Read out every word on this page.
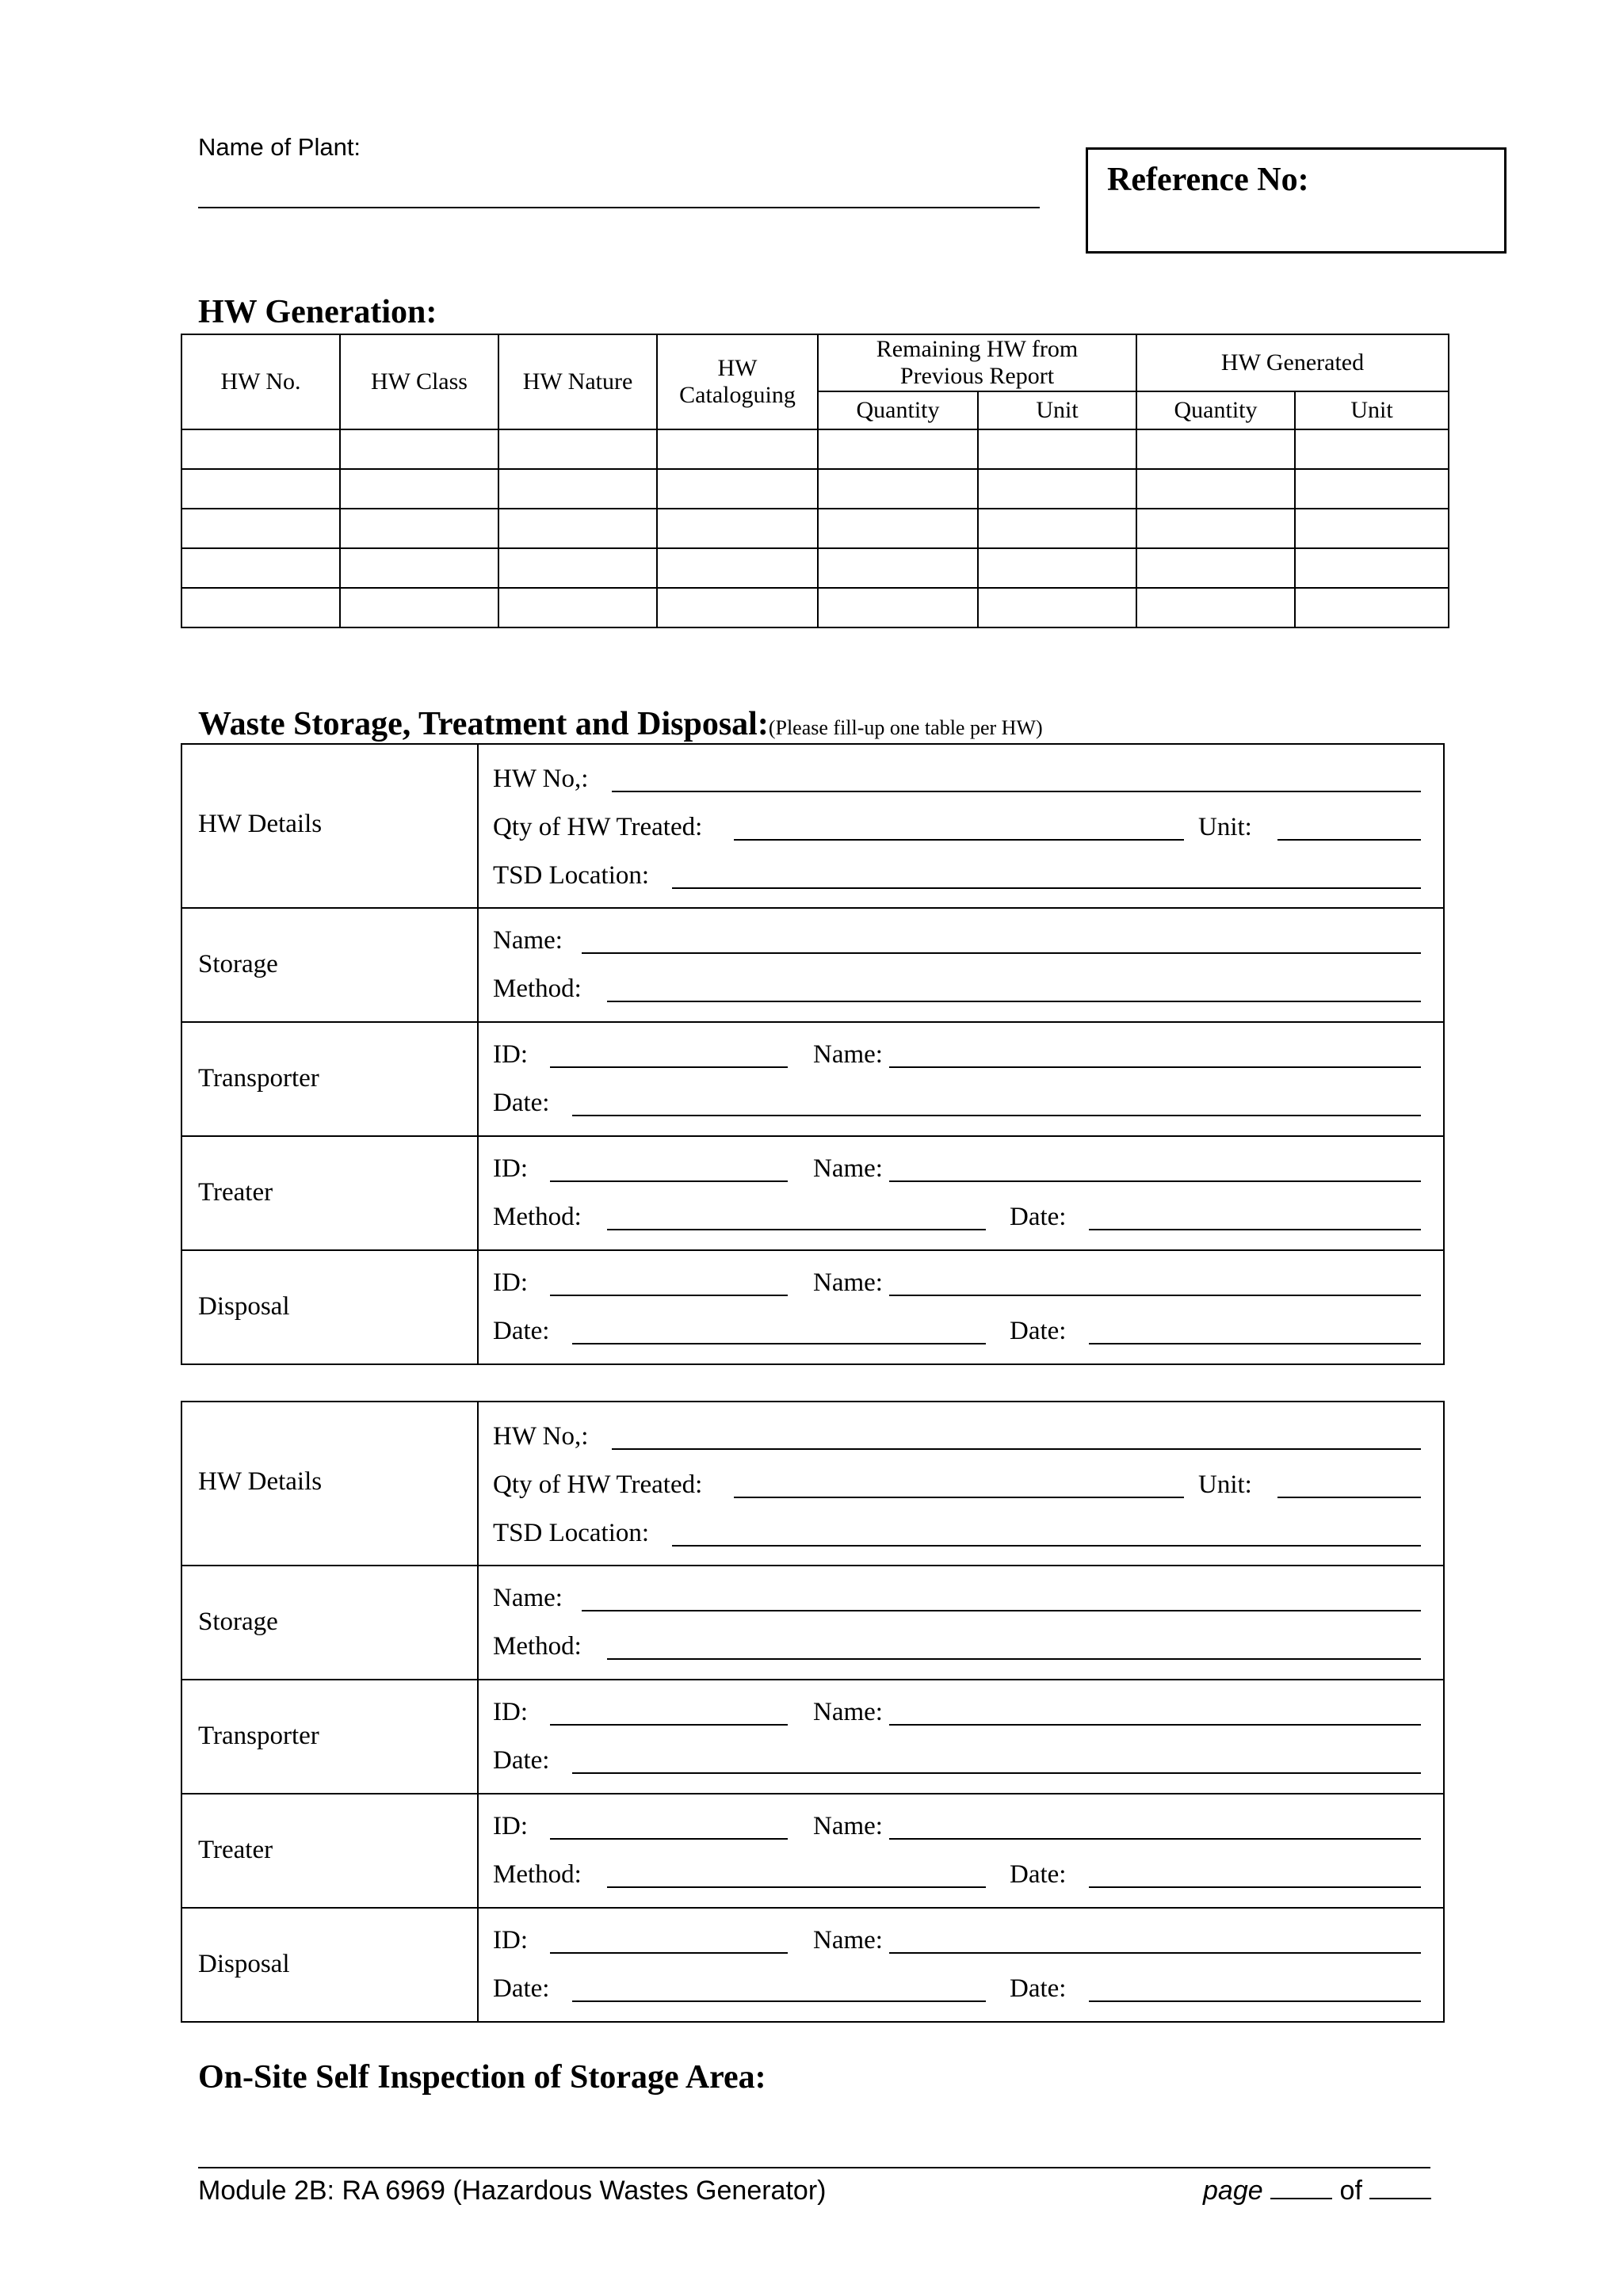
Name of Plant:
Reference No:
HW Generation:
HW No.	HW Class	HW Nature	HW Cataloguing	Remaining HW from Previous Report		HW Generated	
				Quantity	Unit	Quantity	Unit

Waste Storage, Treatment and Disposal:(Please fill-up one table per HW)
HW Details
HW No,:
Qty of HW Treated:	Unit:
TSD Location:
Storage
Name:
Method:
Transporter
ID:	Name:
Date:
Treater
ID:	Name:
Method:	Date:
Disposal
ID:	Name:
Date:	Date:
HW Details
HW No,:
Qty of HW Treated:	Unit:
TSD Location:
Storage
Name:
Method:
Transporter
ID:	Name:
Date:
Treater
ID:	Name:
Method:	Date:
Disposal
ID:	Name:
Date:	Date:
On-Site Self Inspection of Storage Area:
Module 2B: RA 6969 (Hazardous Wastes Generator)	page	of
